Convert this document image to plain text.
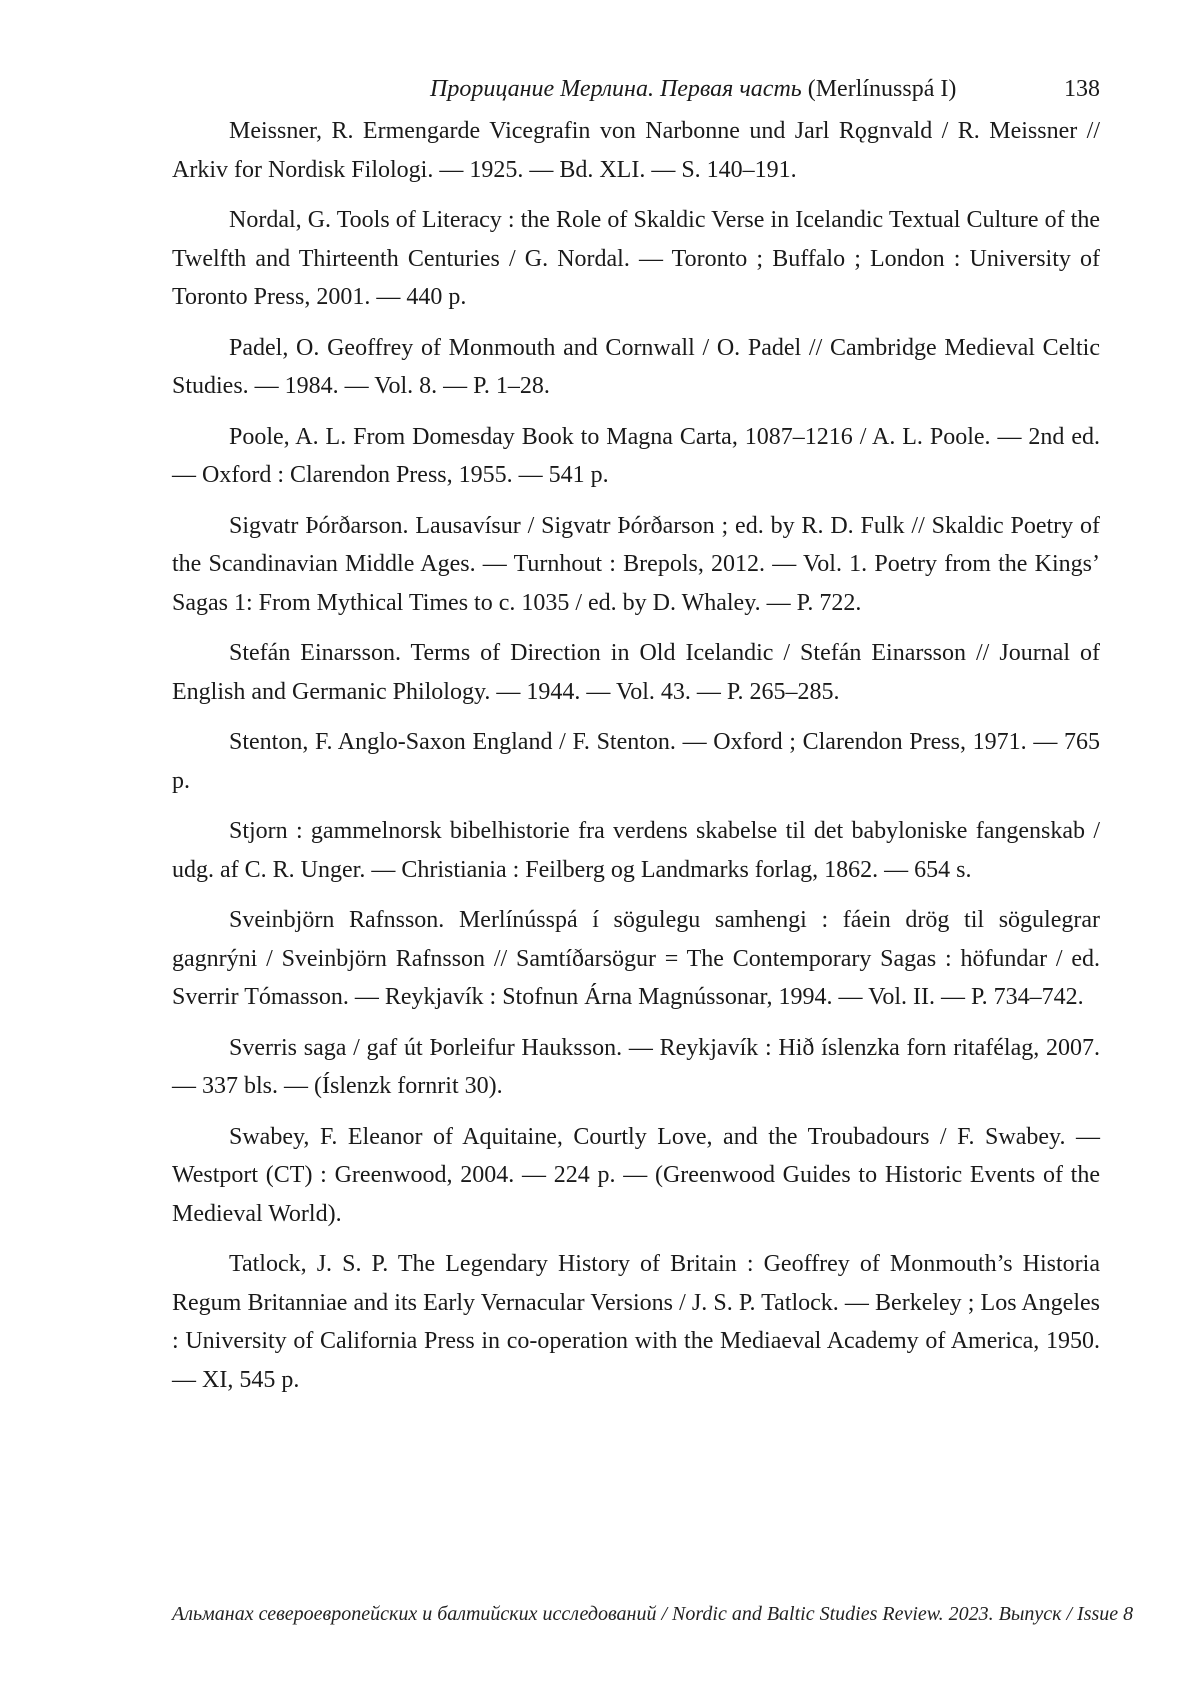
Прорицание Мерлина. Первая часть (Merlínusspá I)	138

Meissner, R. Ermengarde Vicegrafin von Narbonne und Jarl Rǫgnvald / R. Meissner // Arkiv for Nordisk Filologi. — 1925. — Bd. XLI. — S. 140–191.

Nordal, G. Tools of Literacy : the Role of Skaldic Verse in Icelandic Textual Culture of the Twelfth and Thirteenth Centuries / G. Nordal. — Toronto ; Buffalo ; London : University of Toronto Press, 2001. — 440 p.

Padel, O. Geoffrey of Monmouth and Cornwall / O. Padel // Cambridge Medieval Celtic Studies. — 1984. — Vol. 8. — P. 1–28.

Poole, A. L. From Domesday Book to Magna Carta, 1087–1216 / A. L. Poole. — 2nd ed. — Oxford : Clarendon Press, 1955. — 541 p.

Sigvatr Þórðarson. Lausavísur / Sigvatr Þórðarson ; ed. by R. D. Fulk // Skaldic Poetry of the Scandinavian Middle Ages. — Turnhout : Brepols, 2012. — Vol. 1. Poetry from the Kings’ Sagas 1: From Mythical Times to c. 1035 / ed. by D. Whaley. — P. 722.

Stefán Einarsson. Terms of Direction in Old Icelandic / Stefán Einarsson // Journal of English and Germanic Philology. — 1944. — Vol. 43. — P. 265–285.

Stenton, F. Anglo-Saxon England / F. Stenton. — Oxford ; Clarendon Press, 1971. — 765 p.

Stjorn : gammelnorsk bibelhistorie fra verdens skabelse til det babyloniske fangenskab / udg. af C. R. Unger. — Christiania : Feilberg og Landmarks forlag, 1862. — 654 s.

Sveinbjörn Rafnsson. Merlínússpá í sögulegu samhengi : fáein drög til sögulegrar gagnrýni / Sveinbjörn Rafnsson // Samtíðarsögur = The Contemporary Sagas : höfundar / ed. Sverrir Tómasson. — Reykjavík : Stofnun Árna Magnússonar, 1994. — Vol. II. — P. 734–742.

Sverris saga / gaf út Þorleifur Hauksson. — Reykjavík : Hið íslenzka forn ritafélag, 2007. — 337 bls. — (Íslenzk fornrit 30).

Swabey, F. Eleanor of Aquitaine, Courtly Love, and the Troubadours / F. Swabey. — Westport (CT) : Greenwood, 2004. — 224 p. — (Greenwood Guides to Historic Events of the Medieval World).

Tatlock, J. S. P. The Legendary History of Britain : Geoffrey of Monmouth’s Historia Regum Britanniae and its Early Vernacular Versions / J. S. P. Tatlock. — Berkeley ; Los Angeles : University of California Press in co-operation with the Mediaeval Academy of America, 1950. — XI, 545 p.

Альманах североевропейских и балтийских исследований / Nordic and Baltic Studies Review. 2023. Выпуск / Issue 8
